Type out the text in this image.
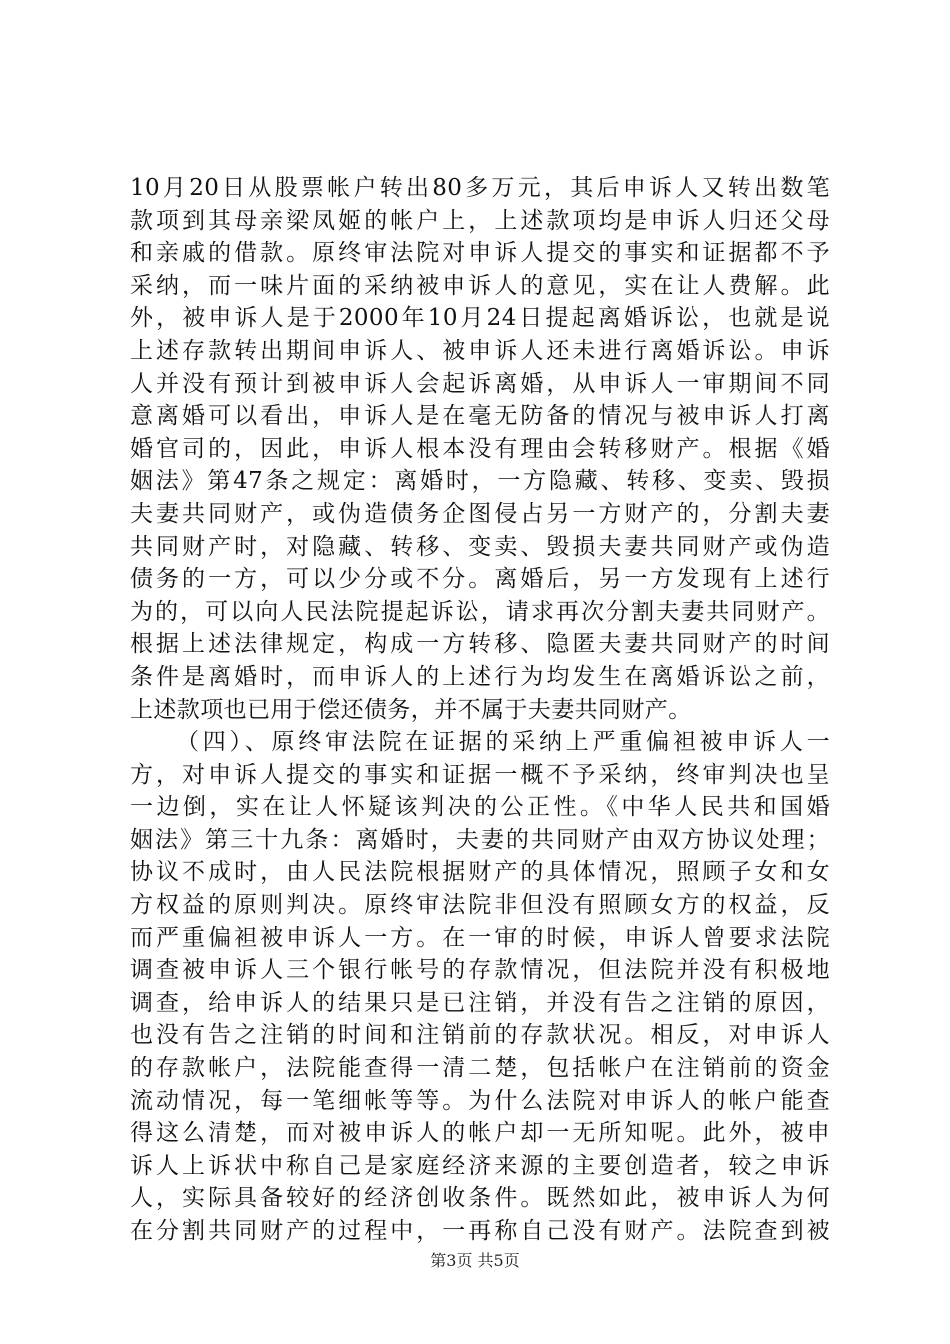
10月20日从股票帐户转出80多万元，其后申诉人又转出数笔

款项到其母亲梁凤姬的帐户上，上述款项均是申诉人归还父母

和亲戚的借款。原终审法院对申诉人提交的事实和证据都不予

采纳，而一味片面的采纳被申诉人的意见，实在让人费解。此

外，被申诉人是于2000年10月24日提起离婚诉讼，也就是说

上述存款转出期间申诉人、被申诉人还未进行离婚诉讼。申诉

人并没有预计到被申诉人会起诉离婚，从申诉人一审期间不同

意离婚可以看出，申诉人是在毫无防备的情况与被申诉人打离

婚官司的，因此，申诉人根本没有理由会转移财产。根据《婚

姻法》第47条之规定：离婚时，一方隐藏、转移、变卖、毁损

夫妻共同财产，或伪造债务企图侵占另一方财产的，分割夫妻

共同财产时，对隐藏、转移、变卖、毁损夫妻共同财产或伪造

债务的一方，可以少分或不分。离婚后，另一方发现有上述行

为的，可以向人民法院提起诉讼，请求再次分割夫妻共同财产。

根据上述法律规定，构成一方转移、隐匿夫妻共同财产的时间

条件是离婚时，而申诉人的上述行为均发生在离婚诉讼之前，

上述款项也已用于偿还债务，并不属于夫妻共同财产。

（四）、原终审法院在证据的采纳上严重偏袒被申诉人一

方，对申诉人提交的事实和证据一概不予采纳，终审判决也呈

一边倒，实在让人怀疑该判决的公正性。《中华人民共和国婚

姻法》第三十九条：离婚时，夫妻的共同财产由双方协议处理；

协议不成时，由人民法院根据财产的具体情况，照顾子女和女

方权益的原则判决。原终审法院非但没有照顾女方的权益，反

而严重偏袒被申诉人一方。在一审的时候，申诉人曾要求法院

调查被申诉人三个银行帐号的存款情况，但法院并没有积极地

调查，给申诉人的结果只是已注销，并没有告之注销的原因，

也没有告之注销的时间和注销前的存款状况。相反，对申诉人

的存款帐户，法院能查得一清二楚，包括帐户在注销前的资金

流动情况，每一笔细帐等等。为什么法院对申诉人的帐户能查

得这么清楚，而对被申诉人的帐户却一无所知呢。此外，被申

诉人上诉状中称自己是家庭经济来源的主要创造者，较之申诉

人，实际具备较好的经济创收条件。既然如此，被申诉人为何

在分割共同财产的过程中，一再称自己没有财产。法院查到被

第3页 共5页
